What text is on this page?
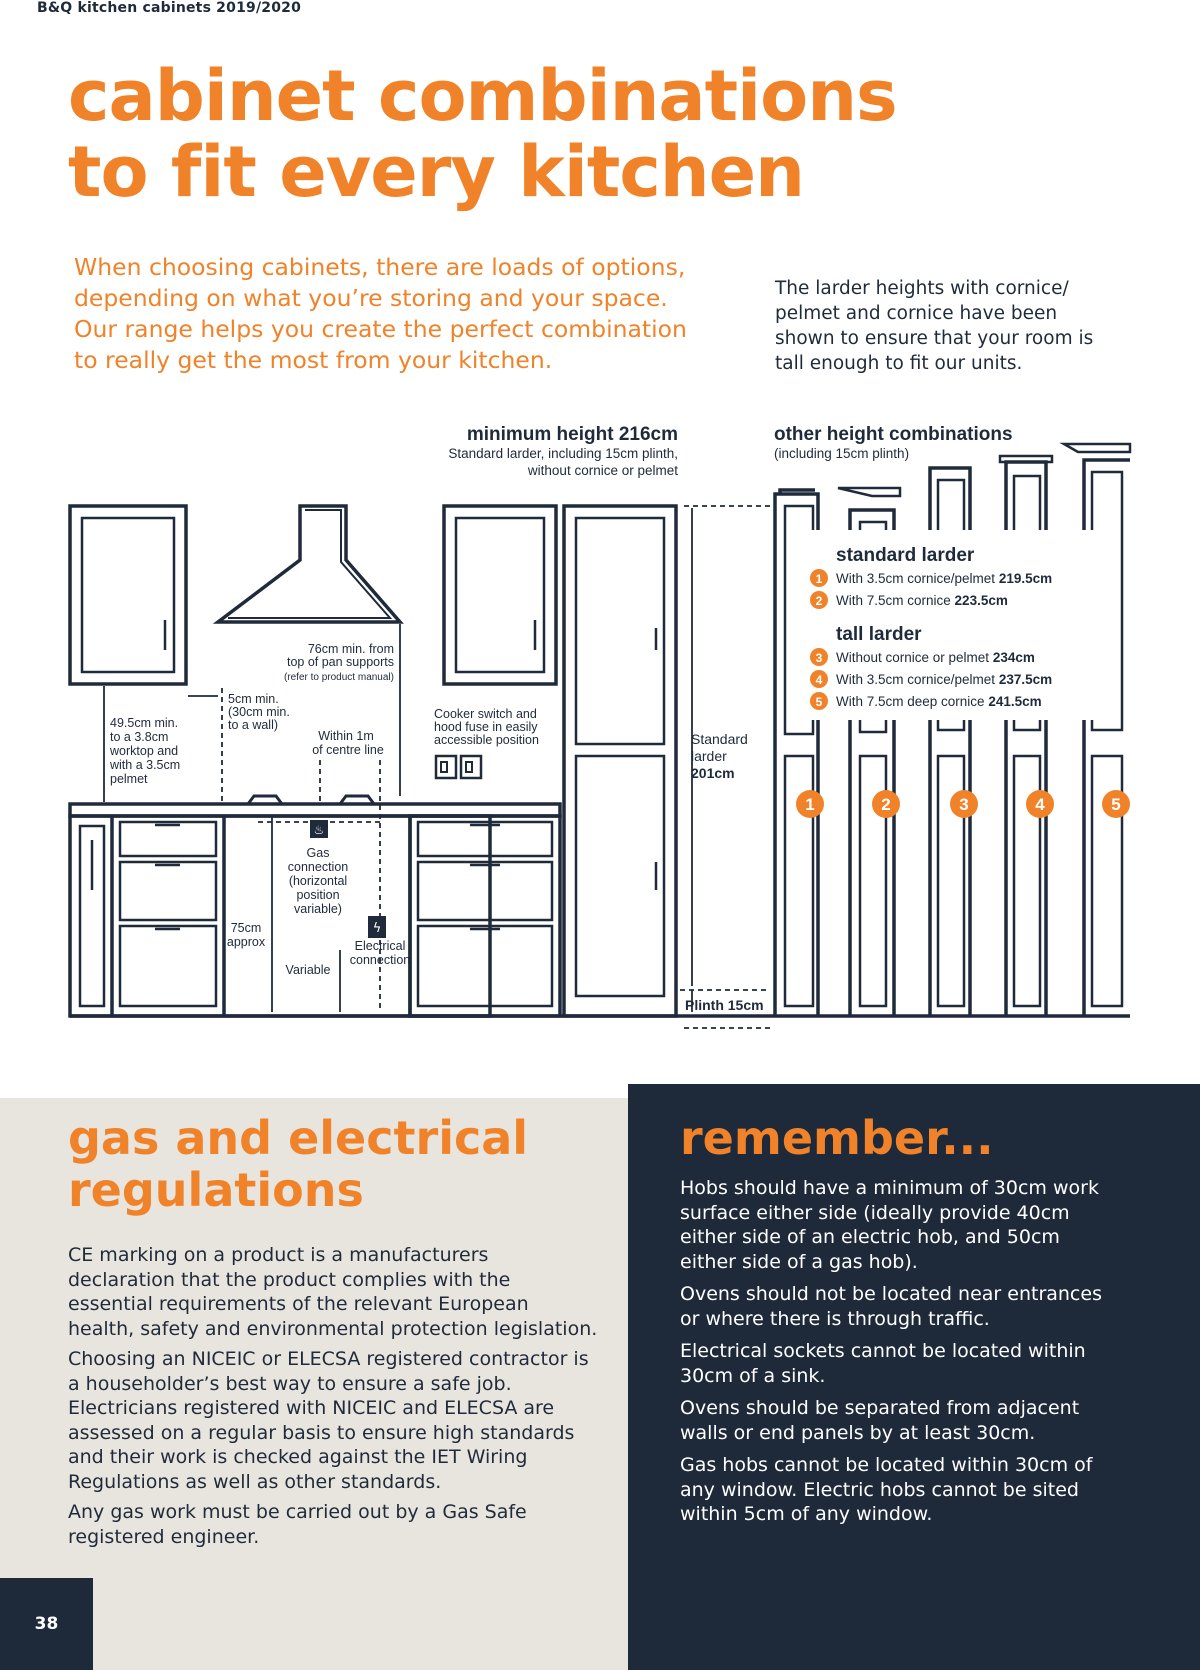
B&Q kitchen cabinets 2019/2020
cabinet combinations
to fit every kitchen
When choosing cabinets, there are loads of options, depending on what you’re storing and your space. Our range helps you create the perfect combination to really get the most from your kitchen.
The larder heights with cornice/ pelmet and cornice have been shown to ensure that your room is tall enough to fit our units.
♨
ϟ
1	2	3	4	5
minimum height 216cm
Standard larder, including 15cm plinth,
without cornice or pelmet
other height combinations
(including 15cm plinth)
49.5cm min.
to a 3.8cm
worktop and
with a 3.5cm
pelmet
5cm min.
(30cm min.
to a wall)
76cm min. from
top of pan supports
(refer to product manual)
Within 1m
of centre line
Cooker switch and
hood fuse in easily
accessible position
Gas
connection
(horizontal
position
variable)
75cm
approx
Variable
Electrical
connection
Standard
larder
201cm
Plinth 15cm
standard larder
tall larder
1 With 3.5cm cornice/pelmet 219.5cm
2 With 7.5cm cornice 223.5cm
3 Without cornice or pelmet 234cm
4 With 3.5cm cornice/pelmet 237.5cm
5 With 7.5cm deep cornice 241.5cm
gas and electrical
regulations

CE marking on a product is a manufacturers declaration that the product complies with the essential requirements of the relevant European health, safety and environmental protection legislation.

Choosing an NICEIC or ELECSA registered contractor is a householder’s best way to ensure a safe job. Electricians registered with NICEIC and ELECSA are assessed on a regular basis to ensure high standards and their work is checked against the IET Wiring Regulations as well as other standards.

Any gas work must be carried out by a Gas Safe registered engineer.

remember...

Hobs should have a minimum of 30cm work surface either side (ideally provide 40cm either side of an electric hob, and 50cm either side of a gas hob).

Ovens should not be located near entrances or where there is through traffic.

Electrical sockets cannot be located within 30cm of a sink.

Ovens should be separated from adjacent walls or end panels by at least 30cm.

Gas hobs cannot be located within 30cm of any window. Electric hobs cannot be sited within 5cm of any window.

38
